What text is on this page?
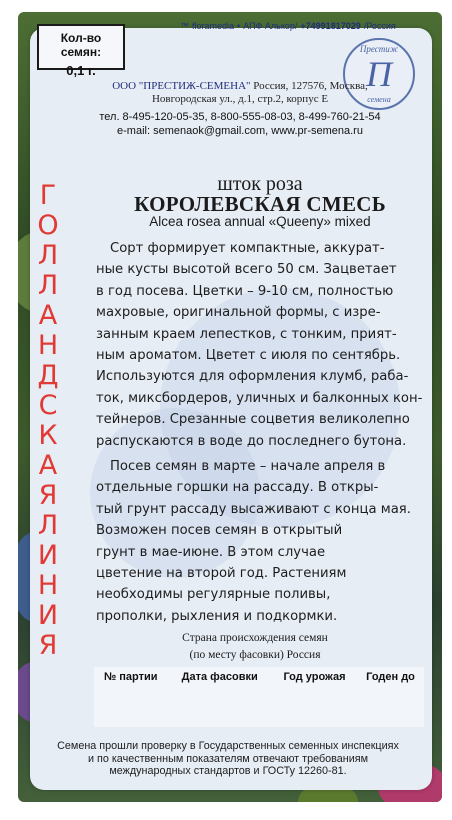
Кол-во семян:
0,1 г.
™ floramedia • АПФ Алькор/ +74991817029 /Россия
Престиж
П
семена
ООО "ПРЕСТИЖ-СЕМЕНА" Россия, 127576, Москва,
Новгородская ул., д.1, стр.2, корпус Е
тел. 8-495-120-05-35, 8-800-555-08-03, 8-499-760-21-54
e-mail: semenaok@gmail.com, www.pr-semena.ru
Г
О
Л
Л
А
Н
Д
С
К
А
Я
Л
И
Н
И
Я
шток роза
КОРОЛЕВСКАЯ СМЕСЬ
Alcea rosea annual «Queeny» mixed
Сорт формирует компактные, аккурат-
ные кусты высотой всего 50 см. Зацветает
в год посева. Цветки – 9-10 см, полностью
махровые, оригинальной формы, с изре-
занным краем лепестков, с тонким, прият-
ным ароматом. Цветет с июля по сентябрь.
Используются для оформления клумб, рабa-
ток, миксбордеров, уличных и балконных кон-
тейнеров. Срезанные соцветия великолепно
распускаются в воде до последнего бутона.
Посев семян в марте – начале апреля в
отдельные горшки на рассаду. В откры-
тый грунт рассаду высаживают с конца мая.
Возможен посев семян в открытый
грунт в мае-июне. В этом случае
цветение на второй год. Растениям
необходимы регулярные поливы,
прополки, рыхления и подкормки.
Страна происхождения семян
(по месту фасовки) Россия
№ партии	Дата фасовки	Год урожая	Годен до

Семена прошли проверку в Государственных семенных инспекциях
и по качественным показателям отвечают требованиям
международных стандартов и ГОСТу 12260-81.
